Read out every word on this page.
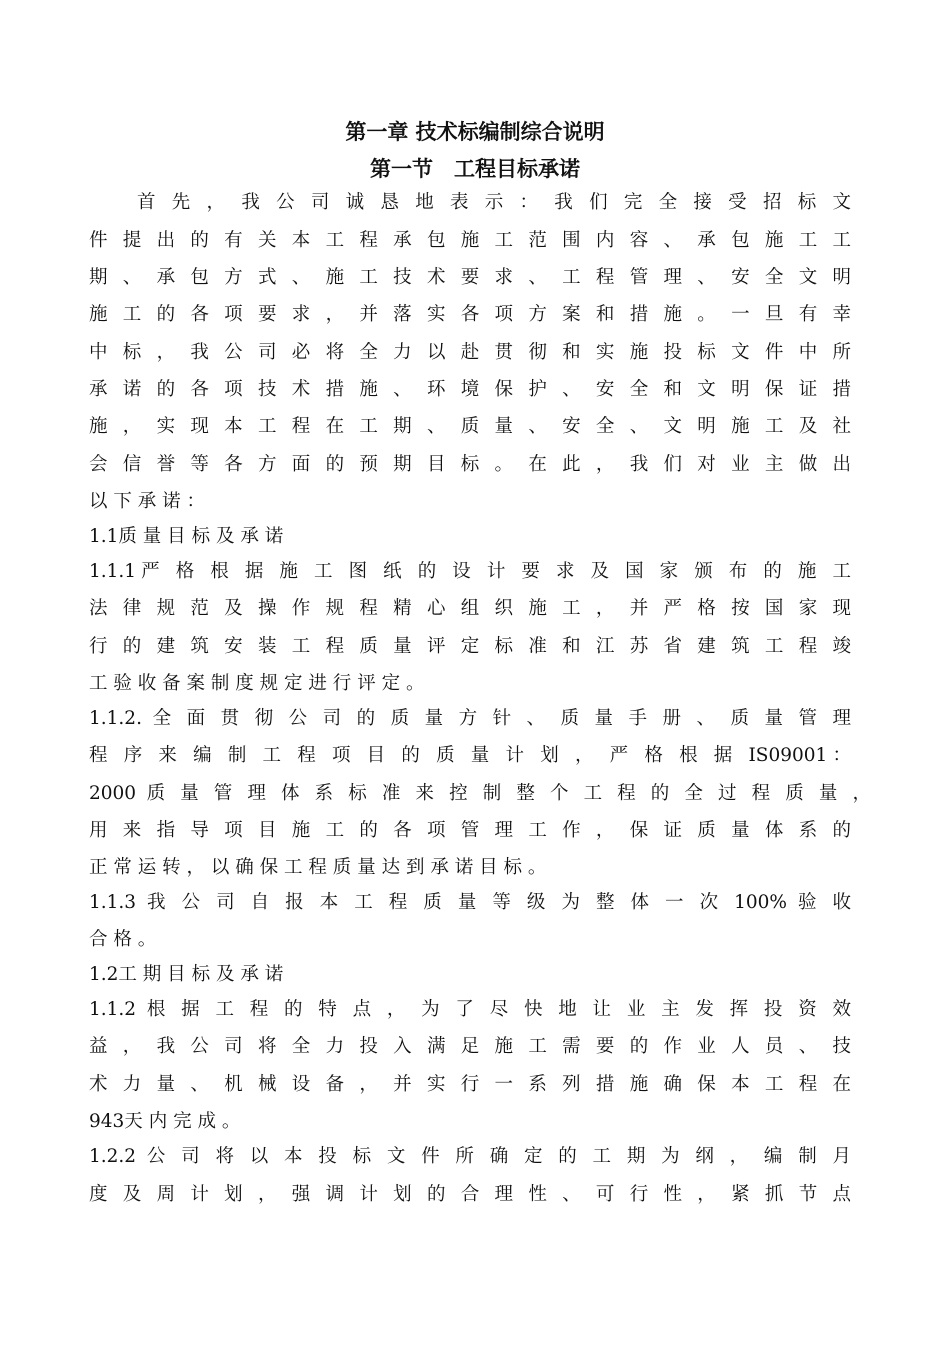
第一章 技术标编制综合说明
第一节　工程目标承诺
首 先 ， 我 公 司 诚 恳 地 表 示 ： 我 们 完 全 接 受 招 标 文
件 提 出 的 有 关 本 工 程 承 包 施 工 范 围 内 容 、 承 包 施 工 工
期 、 承 包 方 式 、 施 工 技 术 要 求 、 工 程 管 理 、 安 全 文 明
施 工 的 各 项 要 求 ， 并 落 实 各 项 方 案 和 措 施 。 一 旦 有 幸
中 标 ， 我 公 司 必 将 全 力 以 赴 贯 彻 和 实 施 投 标 文 件 中 所
承 诺 的 各 项 技 术 措 施 、 环 境 保 护 、 安 全 和 文 明 保 证 措
施 ， 实 现 本 工 程 在 工 期 、 质 量 、 安 全 、 文 明 施 工 及 社
会 信 誉 等 各 方 面 的 预 期 目 标 。 在 此 ， 我 们 对 业 主 做 出
以 下 承 诺 ：
1.1质 量 目 标 及 承 诺
1.1.1严 格 根 据 施 工 图 纸 的 设 计 要 求 及 国 家 颁 布 的 施 工
法 律 规 范 及 操 作 规 程 精 心 组 织 施 工 ， 并 严 格 按 国 家 现
行 的 建 筑 安 装 工 程 质 量 评 定 标 准 和 江 苏 省 建 筑 工 程 竣
工 验 收 备 案 制 度 规 定 进 行 评 定 。
1.1.2. 全 面 贯 彻 公 司 的 质 量 方 针 、 质 量 手 册 、 质 量 管 理
程 序 来 编 制 工 程 项 目 的 质 量 计 划 ， 严 格 根 据 IS09001：
2000 质 量 管 理 体 系 标 准 来 控 制 整 个 工 程 的 全 过 程 质 量 ，
用 来 指 导 项 目 施 工 的 各 项 管 理 工 作 ， 保 证 质 量 体 系 的
正 常 运 转 ， 以 确 保 工 程 质 量 达 到 承 诺 目 标 。
1.1.3 我 公 司 自 报 本 工 程 质 量 等 级 为 整 体 一 次 100% 验 收
合 格 。
1.2工 期 目 标 及 承 诺
1.1.2 根 据 工 程 的 特 点 ， 为 了 尽 快 地 让 业 主 发 挥 投 资 效
益 ， 我 公 司 将 全 力 投 入 满 足 施 工 需 要 的 作 业 人 员 、 技
术 力 量 、 机 械 设 备 ， 并 实 行 一 系 列 措 施 确 保 本 工 程 在
943天 内 完 成 。
1.2.2 公 司 将 以 本 投 标 文 件 所 确 定 的 工 期 为 纲 ， 编 制 月
度 及 周 计 划 ， 强 调 计 划 的 合 理 性 、 可 行 性 ， 紧 抓 节 点
